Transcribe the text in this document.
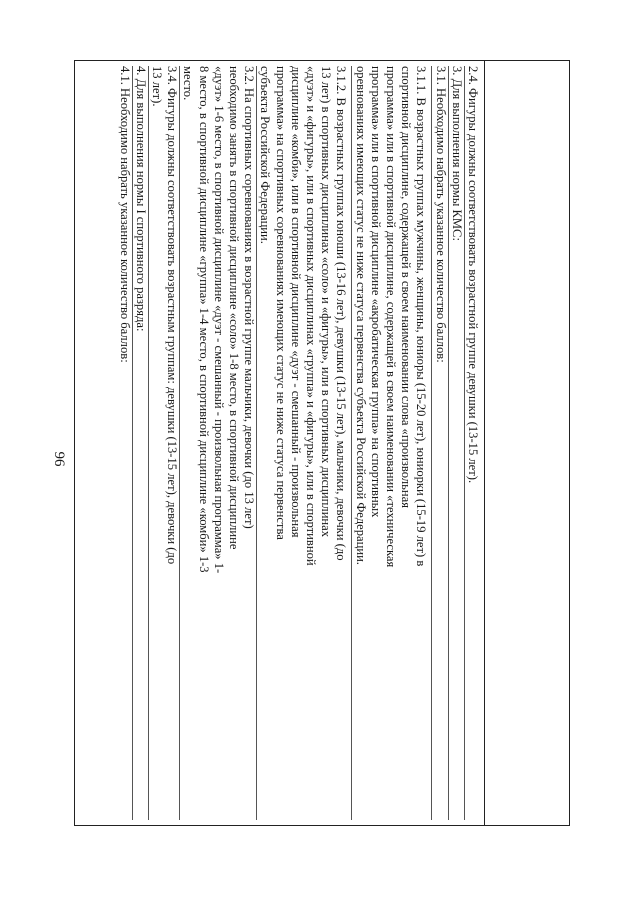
96	2.4. Фигуры должны соответствовать возрастной группе девушки (13-15 лет).

3. Для выполнения нормы КМС:

3.1. Необходимо набрать указанное количество баллов:

3.1.1. В возрастных группах мужчины, женщины, юниоры (15-20 лет), юниорки (15-19 лет) в

спортивной дисциплине, содержащей в своем наименовании слова «произвольная

программа» или в спортивной дисциплине, содержащей в своем наименовании «техническая

программа» или в спортивной дисциплине «акробатическая группа» на спортивных

оревнованиях имеющих статус не ниже статуса первенства субъекта Российской Федерации.

3.1.2. В возрастных группах юноши (13-16 лет), девушки (13-15 лет), мальчики, девочки (до

13 лет) в спортивных дисциплинах «соло» и «фигуры», или в спортивных дисциплинах

«дуэт» и «фигуры», или в спортивных дисциплинах «группа» и «фигуры», или в спортивной

дисциплине «комби», или в спортивной дисциплине «дуэт - смешанный - произвольная

программа» на спортивных соревнованиях имеющих статус не ниже статуса первенства

субъекта Российской Федерации.

3.2. На спортивных соревнованиях в возрастной группе мальчики, девочки (до 13 лет)

необходимо занять в спортивной дисциплине «соло» 1-8 место, в спортивной дисциплине

«дуэт» 1-6 место, в спортивной дисциплине «дуэт - смешанный - произвольная программа» 1-

8 место, в спортивной дисциплине «группа» 1-4 место, в спортивной дисциплине «комби» 1-3

место.

3.4. Фигуры должны соответствовать возрастным группам: девушки (13-15 лет), девочки (до

13 лет).

4. Для выполнения нормы I спортивного разряда:

4.1. Необходимо набрать указанное количество баллов:
